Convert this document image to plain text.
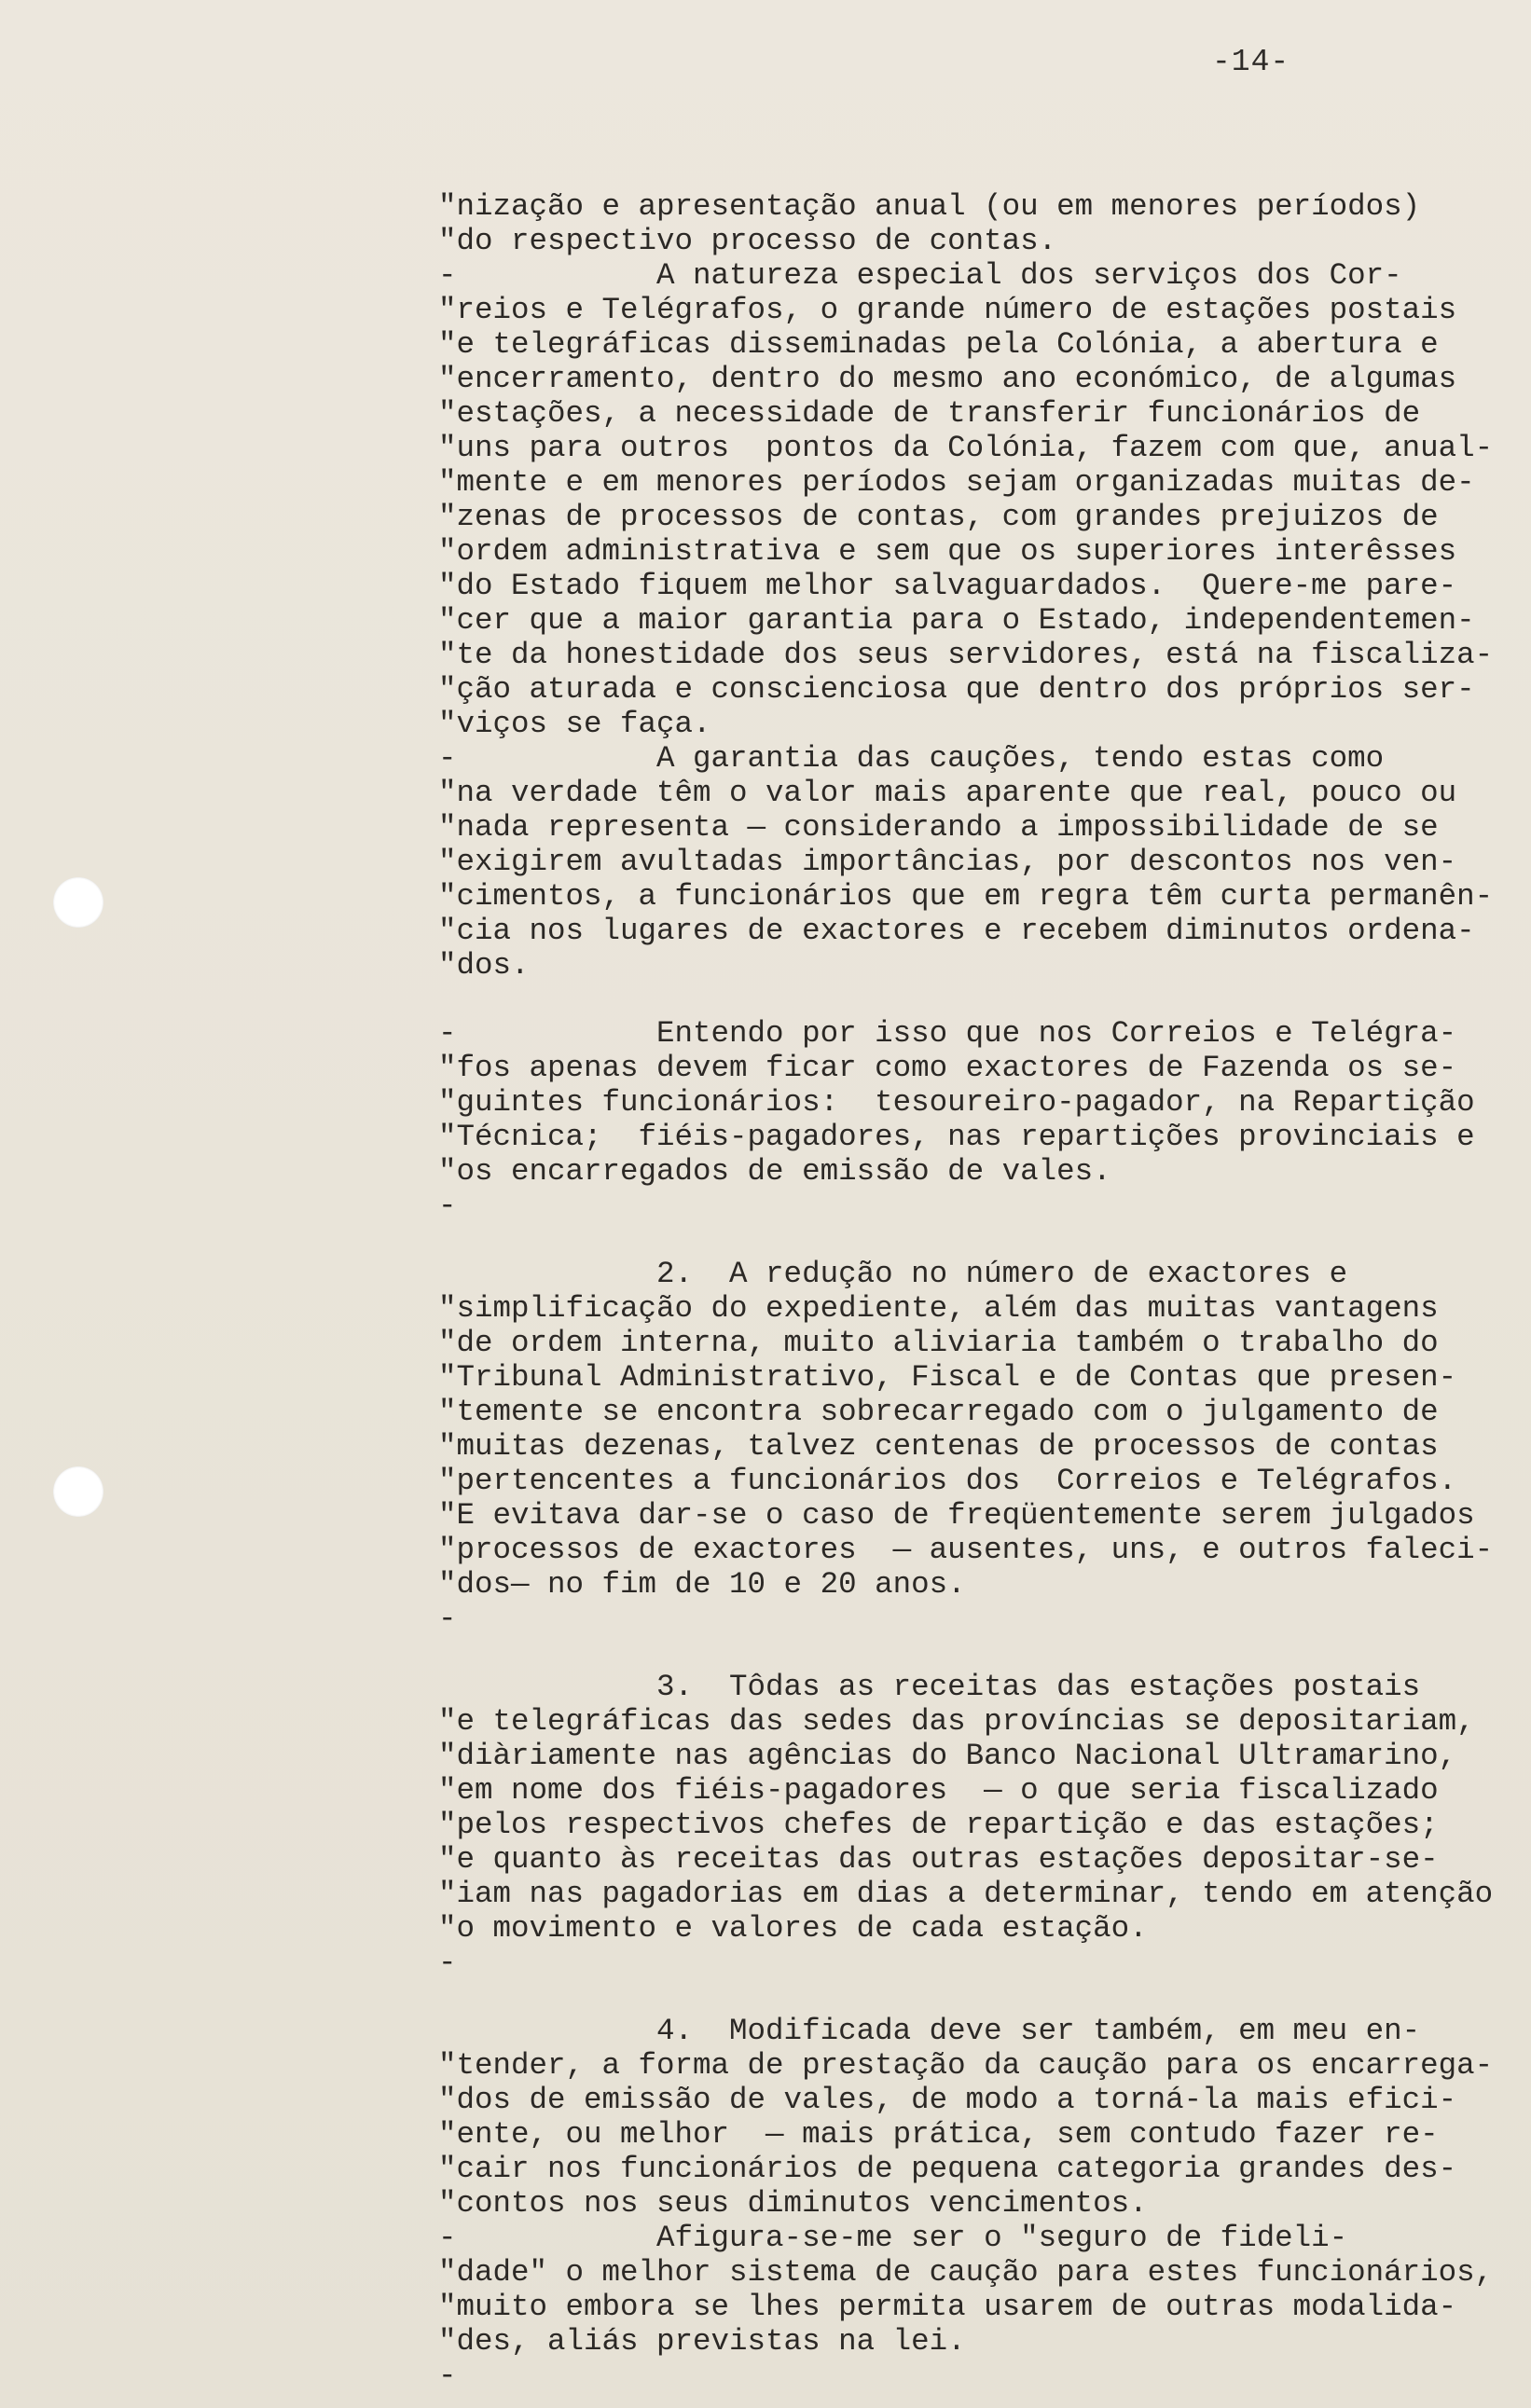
-14-
"nização e apresentação anual (ou em menores períodos)
"do respectivo processo de contas.
-           A natureza especial dos serviços dos Cor-
"reios e Telégrafos, o grande número de estações postais
"e telegráficas disseminadas pela Colónia, a abertura e
"encerramento, dentro do mesmo ano económico, de algumas
"estações, a necessidade de transferir funcionários de
"uns para outros  pontos da Colónia, fazem com que, anual-
"mente e em menores períodos sejam organizadas muitas de-
"zenas de processos de contas, com grandes prejuizos de
"ordem administrativa e sem que os superiores interêsses
"do Estado fiquem melhor salvaguardados.  Quere-me pare-
"cer que a maior garantia para o Estado, independentemen-
"te da honestidade dos seus servidores, está na fiscaliza-
"ção aturada e conscienciosa que dentro dos próprios ser-
"viços se faça.
-           A garantia das cauções, tendo estas como
"na verdade têm o valor mais aparente que real, pouco ou
"nada representa — considerando a impossibilidade de se
"exigirem avultadas importâncias, por descontos nos ven-
"cimentos, a funcionários que em regra têm curta permanên-
"cia nos lugares de exactores e recebem diminutos ordena-
"dos.
-           Entendo por isso que nos Correios e Telégra-
"fos apenas devem ficar como exactores de Fazenda os se-
"guintes funcionários:  tesoureiro-pagador, na Repartição
"Técnica;  fiéis-pagadores, nas repartições provinciais e
"os encarregados de emissão de vales.
-
2.  A redução no número de exactores e
"simplificação do expediente, além das muitas vantagens
"de ordem interna, muito aliviaria também o trabalho do
"Tribunal Administrativo, Fiscal e de Contas que presen-
"temente se encontra sobrecarregado com o julgamento de
"muitas dezenas, talvez centenas de processos de contas
"pertencentes a funcionários dos  Correios e Telégrafos.
"E evitava dar-se o caso de freqüentemente serem julgados
"processos de exactores  — ausentes, uns, e outros faleci-
"dos— no fim de 10 e 20 anos.
-
3.  Tôdas as receitas das estações postais
"e telegráficas das sedes das províncias se depositariam,
"diàriamente nas agências do Banco Nacional Ultramarino,
"em nome dos fiéis-pagadores  — o que seria fiscalizado
"pelos respectivos chefes de repartição e das estações;
"e quanto às receitas das outras estações depositar-se-
"iam nas pagadorias em dias a determinar, tendo em atenção
"o movimento e valores de cada estação.
-
4.  Modificada deve ser também, em meu en-
"tender, a forma de prestação da caução para os encarrega-
"dos de emissão de vales, de modo a torná-la mais efici-
"ente, ou melhor  — mais prática, sem contudo fazer re-
"cair nos funcionários de pequena categoria grandes des-
"contos nos seus diminutos vencimentos.
-           Afigura-se-me ser o "seguro de fideli-
"dade" o melhor sistema de caução para estes funcionários,
"muito embora se lhes permita usarem de outras modalida-
"des, aliás previstas na lei.
-
